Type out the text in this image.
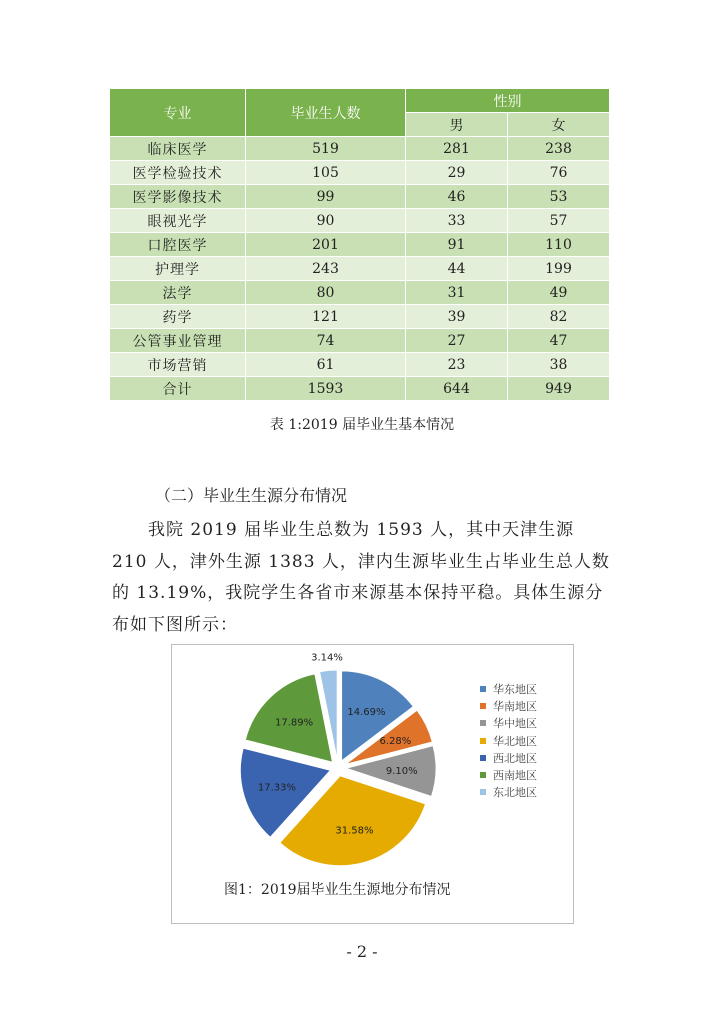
专业	毕业生人数	性别	
		男	女
临床医学	519	281	238
医学检验技术	105	29	76
医学影像技术	99	46	53
眼视光学	90	33	57
口腔医学	201	91	110
护理学	243	44	199
法学	80	31	49
药学	121	39	82
公管事业管理	74	27	47
市场营销	61	23	38
合计	1593	644	949
表 1:2019 届毕业生基本情况
（二）毕业生生源分布情况

我院 2019 届毕业生总数为 1593 人，其中天津生源 210 人，津外生源 1383 人，津内生源毕业生占毕业生总人数的 13.19%，我院学生各省市来源基本保持平稳。具体生源分布如下图所示：

14.69%
6.28%
9.10%
31.58%
17.33%
17.89%
3.14%
华东地区
华南地区
华中地区
华北地区
西北地区
西南地区
东北地区
图1：2019届毕业生生源地分布情况
- 2 -
